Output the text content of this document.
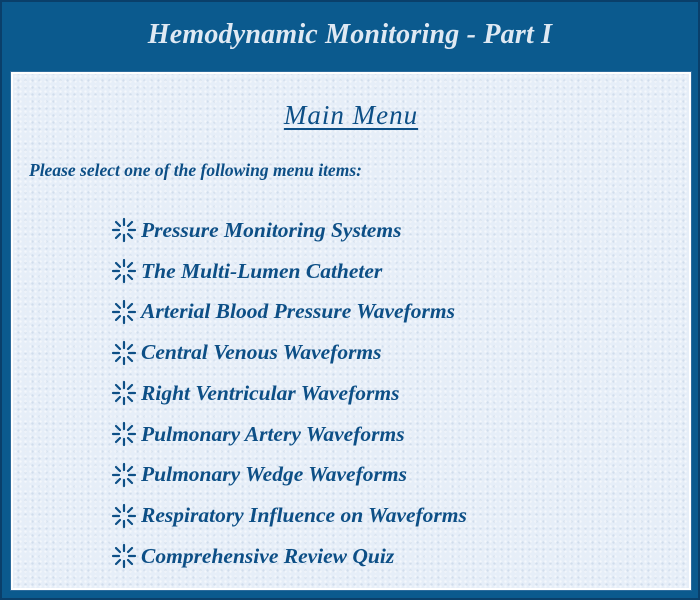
Hemodynamic Monitoring - Part I
Main Menu
Please select one of the following menu items:
Pressure Monitoring Systems
The Multi-Lumen Catheter
Arterial Blood Pressure Waveforms
Central Venous Waveforms
Right Ventricular Waveforms
Pulmonary Artery Waveforms
Pulmonary Wedge Waveforms
Respiratory Influence on Waveforms
Comprehensive Review Quiz
